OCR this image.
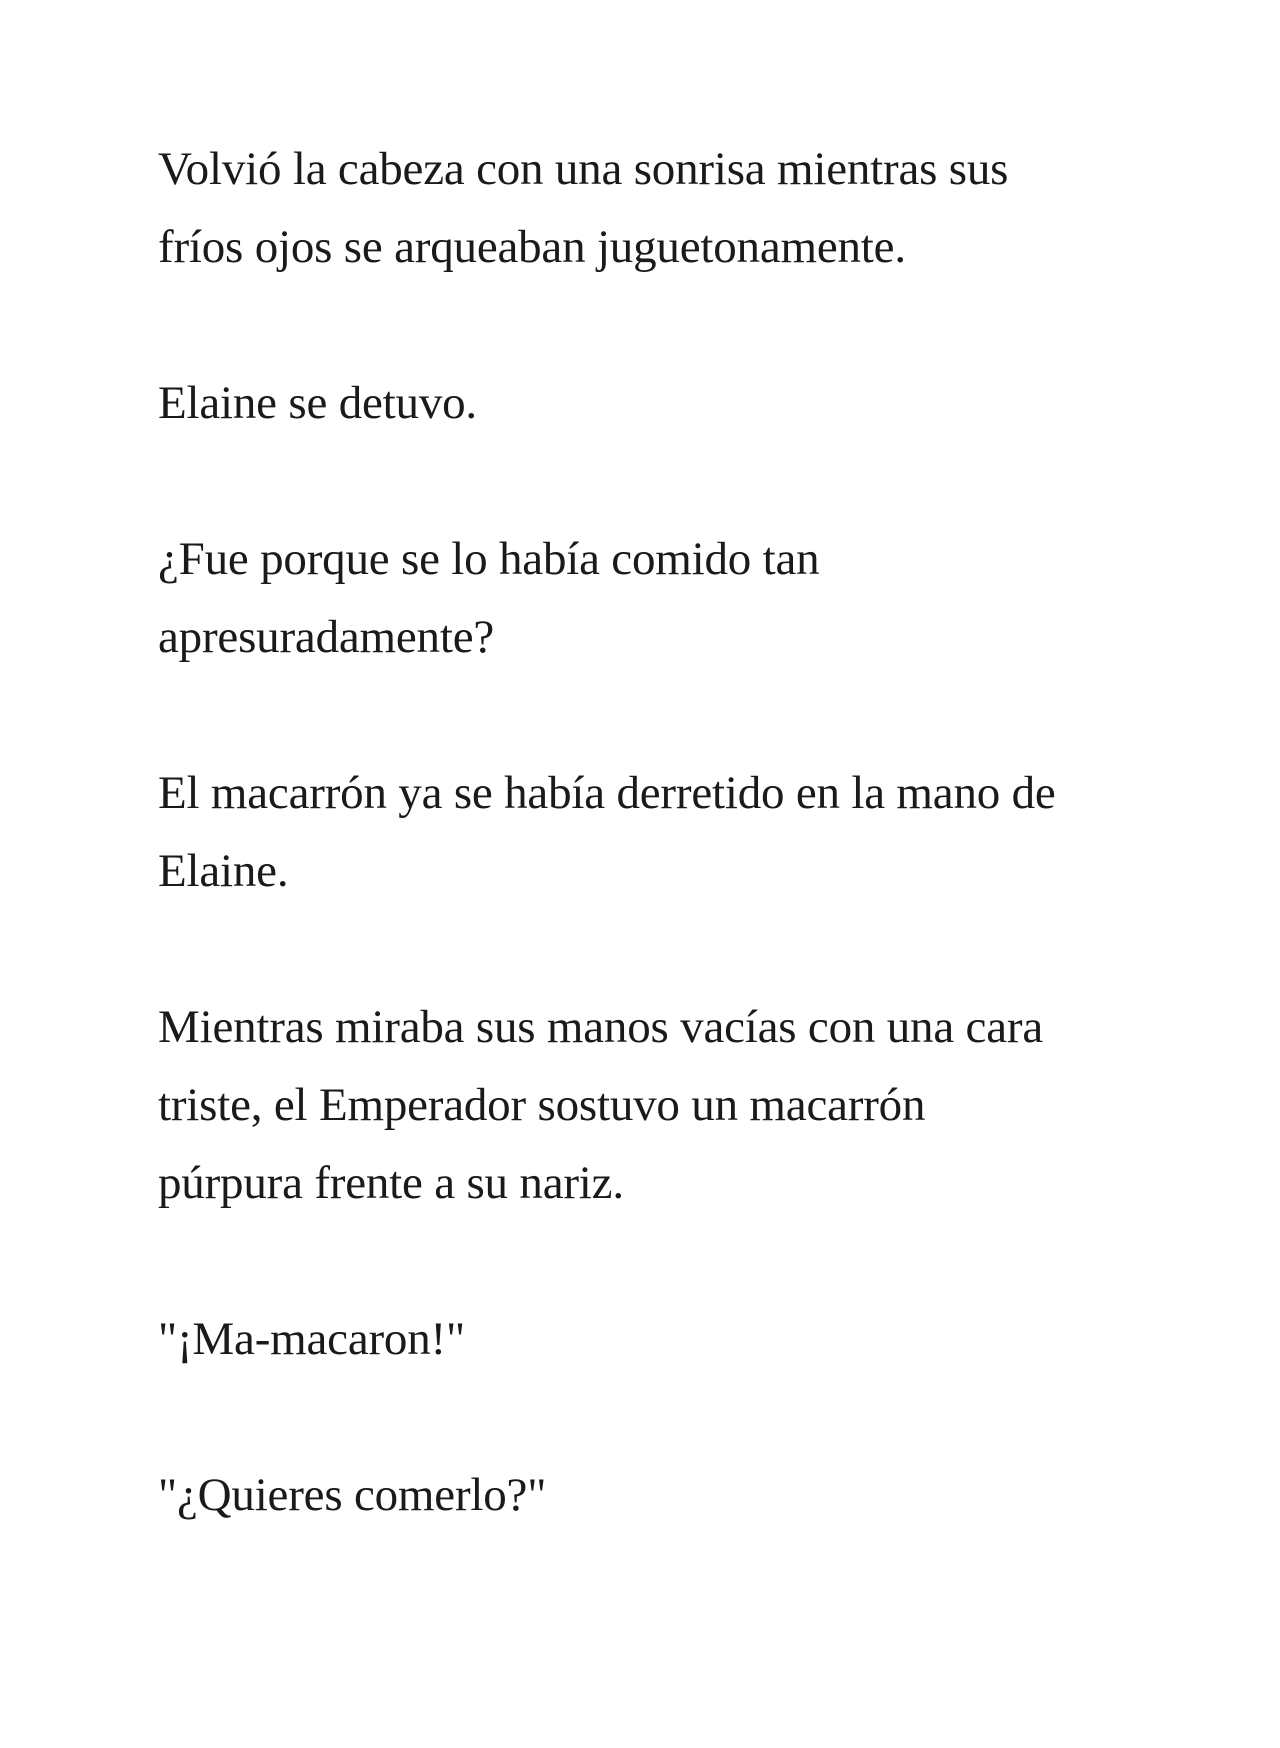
Volvió la cabeza con una sonrisa mientras sus
fríos ojos se arqueaban juguetonamente.

Elaine se detuvo.

¿Fue porque se lo había comido tan
apresuradamente?

El macarrón ya se había derretido en la mano de
Elaine.

Mientras miraba sus manos vacías con una cara
triste, el Emperador sostuvo un macarrón
púrpura frente a su nariz.

"¡Ma-macaron!"

"¿Quieres comerlo?"
